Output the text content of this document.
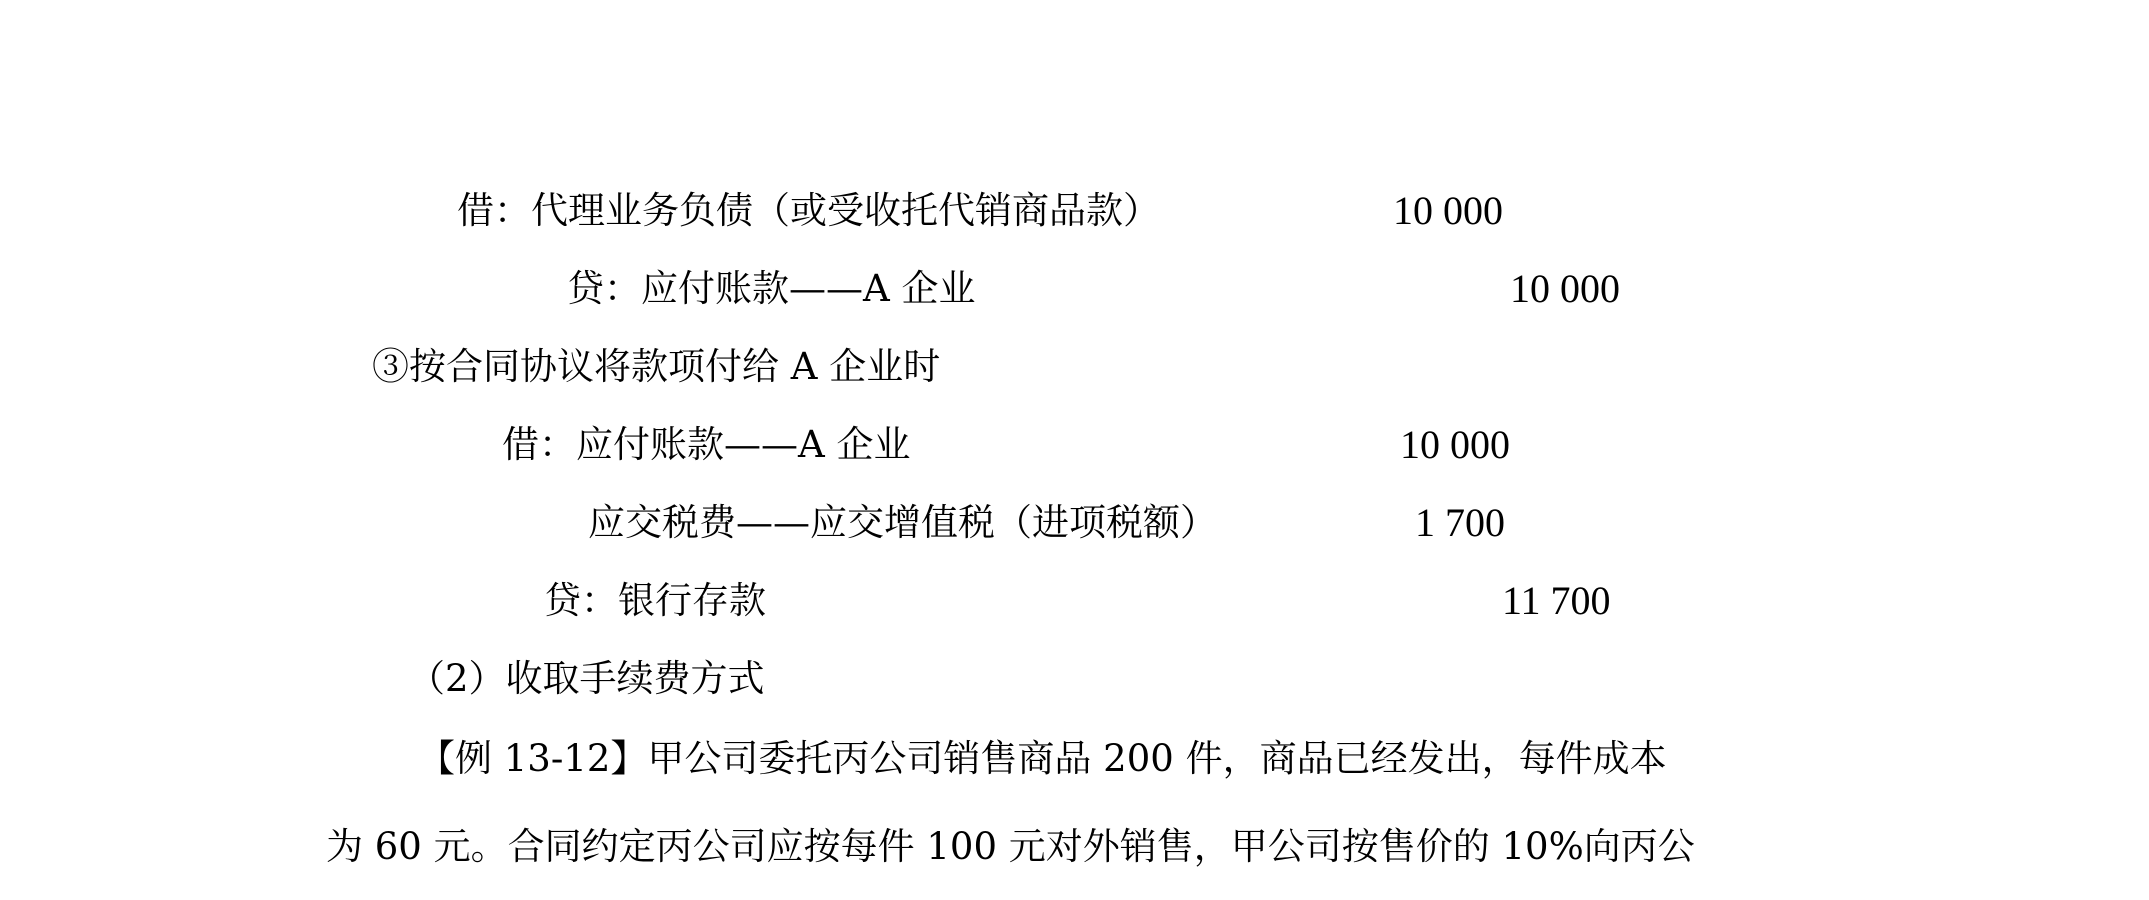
借：代理业务负债（或受收托代销商品款）	10 000
贷：应付账款——A 企业	10 000
③按合同协议将款项付给 A 企业时
借：应付账款——A 企业	10 000
应交税费——应交增值税（进项税额）	1 700
贷：银行存款	11 700
（2）收取手续费方式
【例 13-12】甲公司委托丙公司销售商品 200 件，商品已经发出，每件成本
为 60 元。合同约定丙公司应按每件 100 元对外销售，甲公司按售价的 10%向丙公
